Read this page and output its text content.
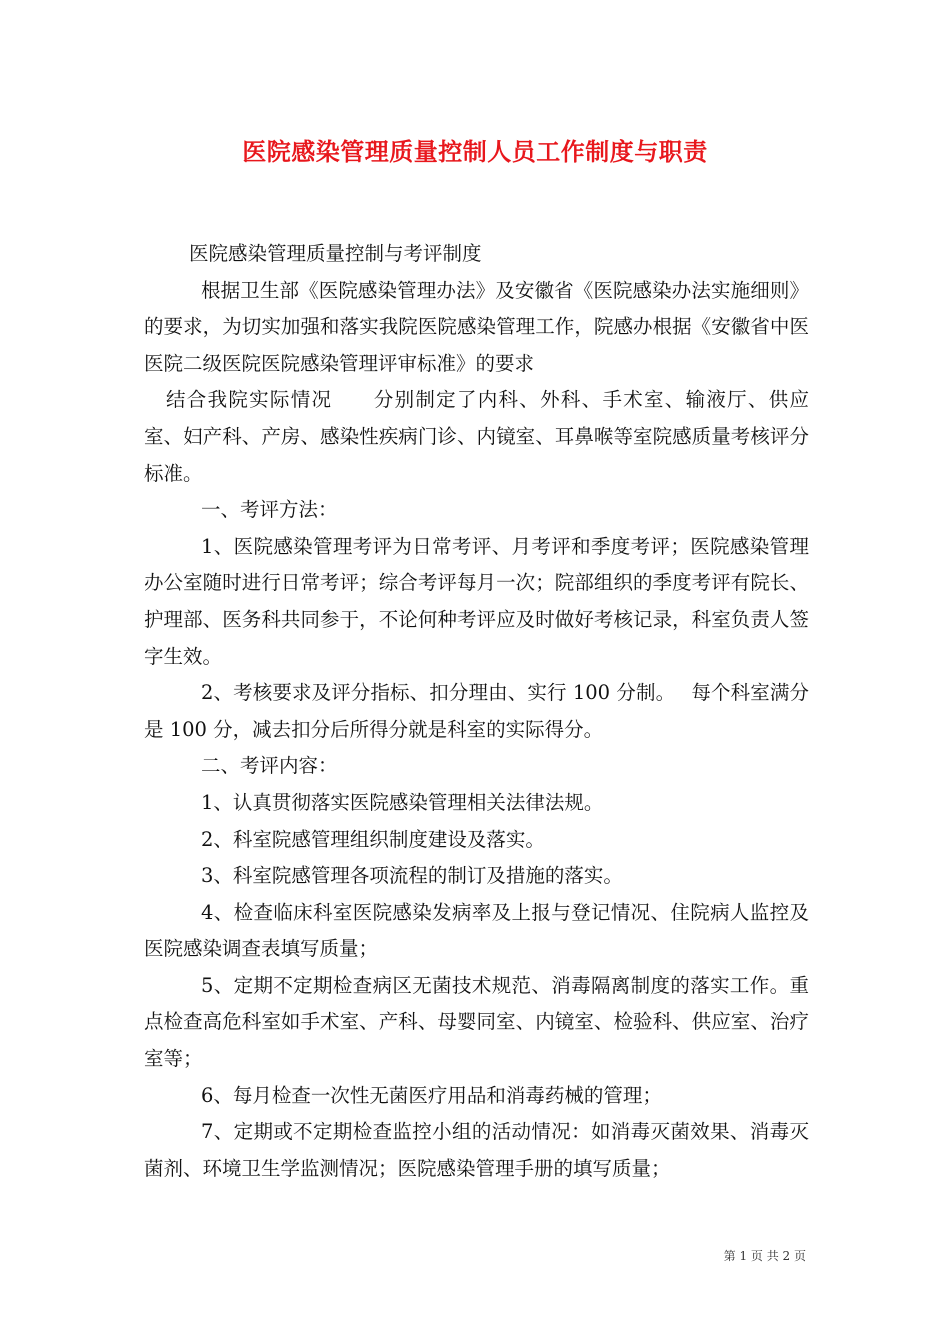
医院感染管理质量控制人员工作制度与职责

医院感染管理质量控制与考评制度

根据卫生部《医院感染管理办法》及安徽省《医院感染办法实施细则》的要求，为切实加强和落实我院医院感染管理工作，院感办根据《安徽省中医医院二级医院医院感染管理评审标准》的要求

结合我院实际情况　　分别制定了内科、外科、手术室、输液厅、供应室、妇产科、产房、感染性疾病门诊、内镜室、耳鼻喉等室院感质量考核评分标准。

一、考评方法：

1、医院感染管理考评为日常考评、月考评和季度考评；医院感染管理办公室随时进行日常考评；综合考评每月一次；院部组织的季度考评有院长、护理部、医务科共同参于，不论何种考评应及时做好考核记录，科室负责人签字生效。

2、考核要求及评分指标、扣分理由、实行 100 分制。　 每个科室满分是 100 分，减去扣分后所得分就是科室的实际得分。

二、考评内容：

1、认真贯彻落实医院感染管理相关法律法规。

2、科室院感管理组织制度建设及落实。

3、科室院感管理各项流程的制订及措施的落实。

4、检查临床科室医院感染发病率及上报与登记情况、住院病人监控及医院感染调查表填写质量；

5、定期不定期检查病区无菌技术规范、消毒隔离制度的落实工作。重点检查高危科室如手术室、产科、母婴同室、内镜室、检验科、供应室、治疗室等；

6、每月检查一次性无菌医疗用品和消毒药械的管理；

7、定期或不定期检查监控小组的活动情况：如消毒灭菌效果、消毒灭菌剂、环境卫生学监测情况；医院感染管理手册的填写质量；

第 1 页 共 2 页
